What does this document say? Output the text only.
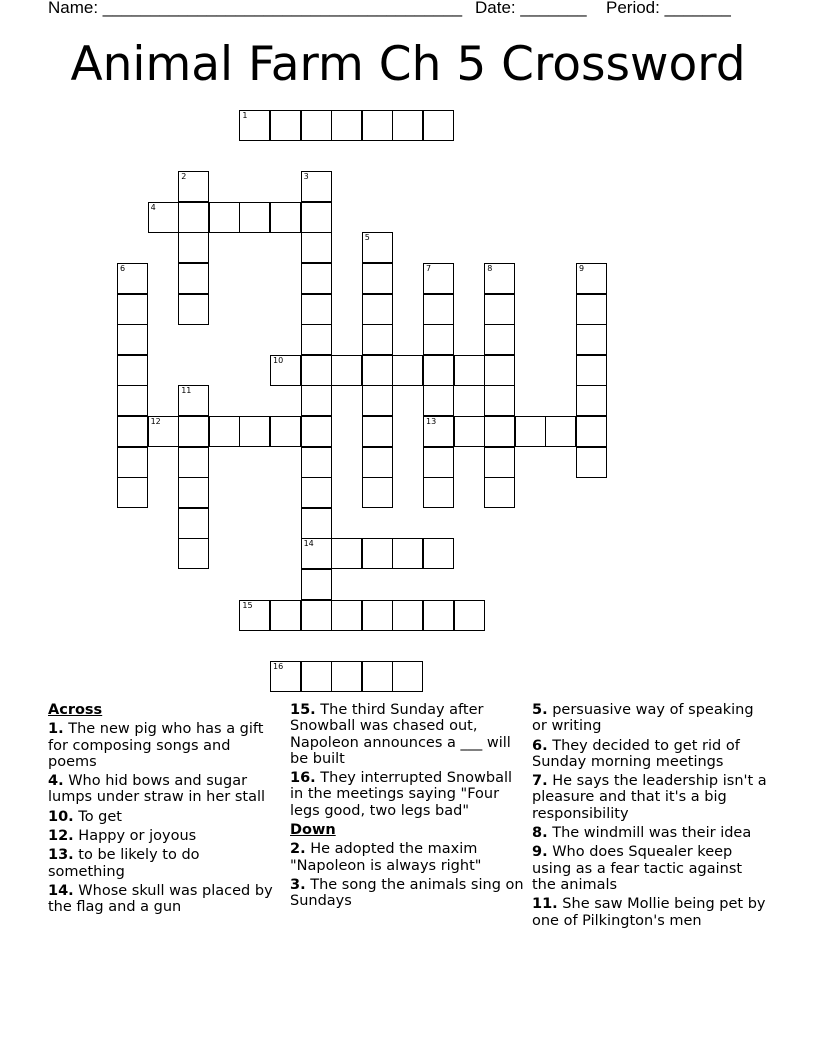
Name: ______________________________________

Date: _______

Period: _______

Animal Farm Ch 5 Crossword
1
2	3
14
4
5
6	7
13
8	9
10
11
12
15
16
Across
1. The new pig who has a gift for composing songs and poems
4. Who hid bows and sugar lumps under straw in her stall
10. To get
12. Happy or joyous
13. to be likely to do something
14. Whose skull was placed by the flag and a gun
15. The third Sunday after Snowball was chased out, Napoleon announces a ___ will be built
16. They interrupted Snowball in the meetings saying "Four legs good, two legs bad"
Down
2. He adopted the maxim "Napoleon is always right"
3. The song the animals sing on Sundays
5. persuasive way of speaking or writing
6. They decided to get rid of Sunday morning meetings
7. He says the leadership isn't a pleasure and that it's a big responsibility
8. The windmill was their idea
9. Who does Squealer keep using as a fear tactic against the animals
11. She saw Mollie being pet by one of Pilkington's men
